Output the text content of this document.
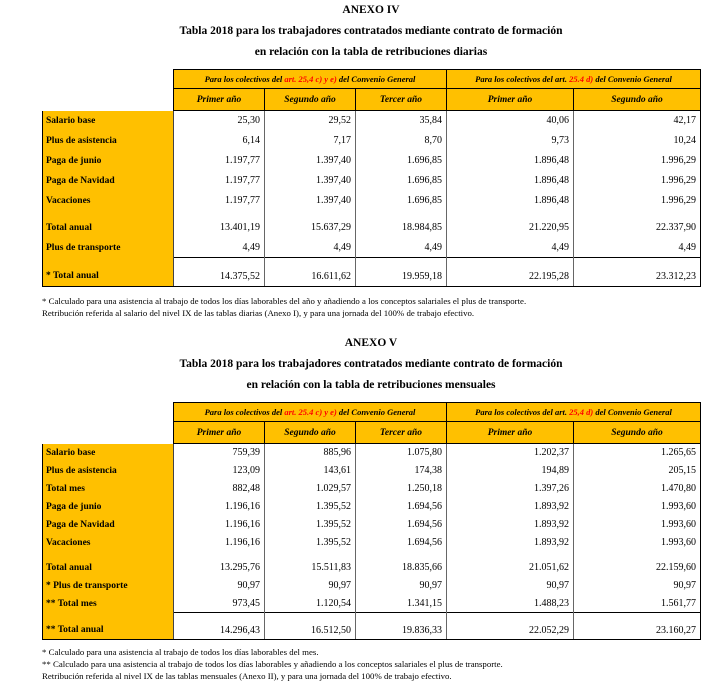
ANEXO IV
Tabla 2018 para los trabajadores contratados mediante contrato de formación
en relación con la tabla de retribuciones diarias
	Para los colectivos del art. 25,4 c) y e) del Convenio General			Para los colectivos del art. 25.4 d) del Convenio General	
	Primer año	Segundo año	Tercer año	Primer año	Segundo año
Salario base	25,30	29,52	35,84	40,06	42,17
Plus de asistencia	6,14	7,17	8,70	9,73	10,24
Paga de junio	1.197,77	1.397,40	1.696,85	1.896,48	1.996,29
Paga de Navidad	1.197,77	1.397,40	1.696,85	1.896,48	1.996,29
Vacaciones	1.197,77	1.397,40	1.696,85	1.896,48	1.996,29

Total anual	13.401,19	15.637,29	18.984,85	21.220,95	22.337,90
Plus de transporte	4,49	4,49	4,49	4,49	4,49

* Total anual	14.375,52	16.611,62	19.959,18	22.195,28	23.312,23
* Calculado para una asistencia al trabajo de todos los días laborables del año y añadiendo a los conceptos salariales el plus de transporte.
Retribución referida al salario del nivel IX de las tablas diarias (Anexo I), y para una jornada del 100% de trabajo efectivo.
ANEXO V
Tabla 2018 para los trabajadores contratados mediante contrato de formación
en relación con la tabla de retribuciones mensuales
	Para los colectivos del art. 25.4 c) y e) del Convenio General			Para los colectivos del art. 25,4 d) del Convenio General	
	Primer año	Segundo año	Tercer año	Primer año	Segundo año
Salario base	759,39	885,96	1.075,80	1.202,37	1.265,65
Plus de asistencia	123,09	143,61	174,38	194,89	205,15
Total mes	882,48	1.029,57	1.250,18	1.397,26	1.470,80
Paga de junio	1.196,16	1.395,52	1.694,56	1.893,92	1.993,60
Paga de Navidad	1.196,16	1.395,52	1.694,56	1.893,92	1.993,60
Vacaciones	1.196,16	1.395,52	1.694,56	1.893,92	1.993,60

Total anual	13.295,76	15.511,83	18.835,66	21.051,62	22.159,60
* Plus de transporte	90,97	90,97	90,97	90,97	90,97
** Total mes	973,45	1.120,54	1.341,15	1.488,23	1.561,77

** Total anual	14.296,43	16.512,50	19.836,33	22.052,29	23.160,27
* Calculado para una asistencia al trabajo de todos los días laborables del mes.
** Calculado para una asistencia al trabajo de todos los días laborables y añadiendo a los conceptos salariales el plus de transporte.
Retribución referida al nivel IX de las tablas mensuales (Anexo II), y para una jornada del 100% de trabajo efectivo.
